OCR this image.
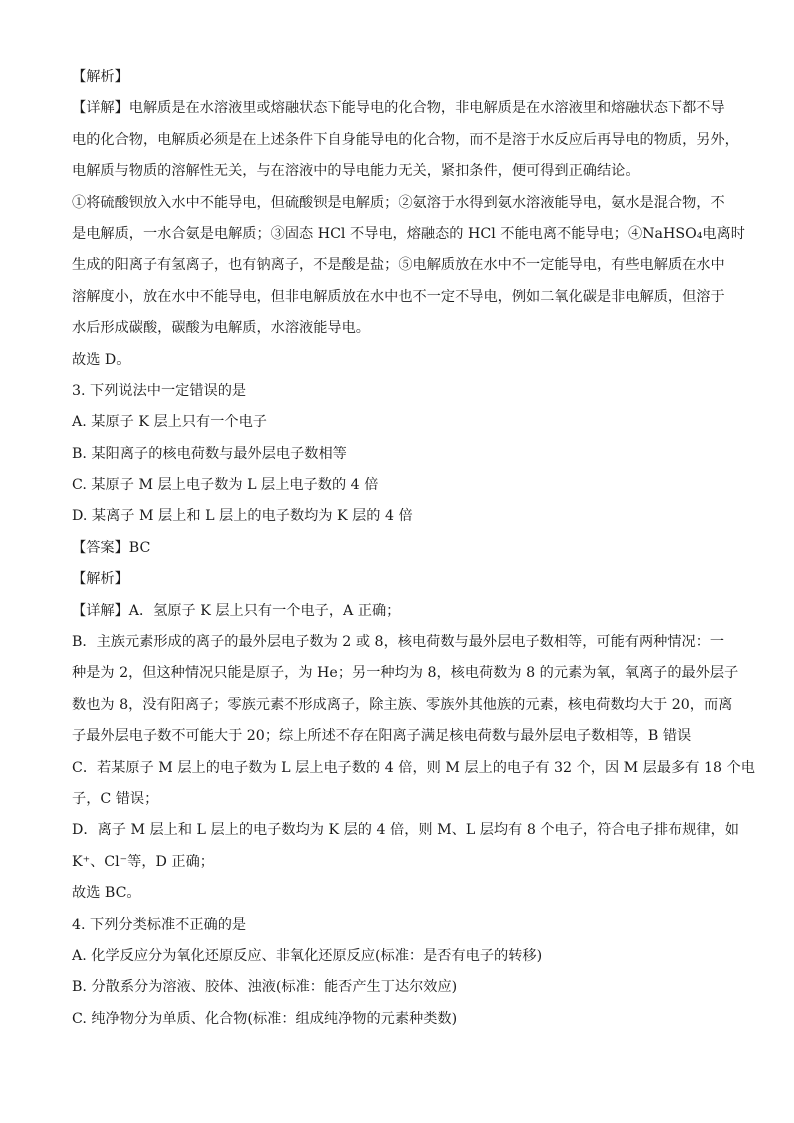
【解析】
【详解】电解质是在水溶液里或熔融状态下能导电的化合物，非电解质是在水溶液里和熔融状态下都不导
电的化合物，电解质必须是在上述条件下自身能导电的化合物，而不是溶于水反应后再导电的物质，另外，
电解质与物质的溶解性无关，与在溶液中的导电能力无关，紧扣条件，便可得到正确结论。
①将硫酸钡放入水中不能导电，但硫酸钡是电解质；②氨溶于水得到氨水溶液能导电，氨水是混合物，不
是电解质，一水合氨是电解质；③固态 HCl 不导电，熔融态的 HCl 不能电离不能导电；④NaHSO₄电离时
生成的阳离子有氢离子，也有钠离子，不是酸是盐；⑤电解质放在水中不一定能导电，有些电解质在水中
溶解度小，放在水中不能导电，但非电解质放在水中也不一定不导电，例如二氧化碳是非电解质，但溶于
水后形成碳酸，碳酸为电解质，水溶液能导电。
故选 D。
3. 下列说法中一定错误的是
A. 某原子 K 层上只有一个电子
B. 某阳离子的核电荷数与最外层电子数相等
C. 某原子 M 层上电子数为 L 层上电子数的 4 倍
D. 某离子 M 层上和 L 层上的电子数均为 K 层的 4 倍
【答案】BC
【解析】
【详解】A．氢原子 K 层上只有一个电子，A 正确；
B．主族元素形成的离子的最外层电子数为 2 或 8，核电荷数与最外层电子数相等，可能有两种情况：一
种是为 2，但这种情况只能是原子，为 He；另一种均为 8，核电荷数为 8 的元素为氧，氧离子的最外层子
数也为 8，没有阳离子；零族元素不形成离子，除主族、零族外其他族的元素，核电荷数均大于 20，而离
子最外层电子数不可能大于 20；综上所述不存在阳离子满足核电荷数与最外层电子数相等，B 错误
C．若某原子 M 层上的电子数为 L 层上电子数的 4 倍，则 M 层上的电子有 32 个，因 M 层最多有 18 个电
子，C 错误；
D．离子 M 层上和 L 层上的电子数均为 K 层的 4 倍，则 M、L 层均有 8 个电子，符合电子排布规律，如
K⁺、Cl⁻等，D 正确；
故选 BC。
4. 下列分类标准不正确的是
A. 化学反应分为氧化还原反应、非氧化还原反应(标准：是否有电子的转移)
B. 分散系分为溶液、胶体、浊液(标准：能否产生丁达尔效应)
C. 纯净物分为单质、化合物(标准：组成纯净物的元素种类数)
